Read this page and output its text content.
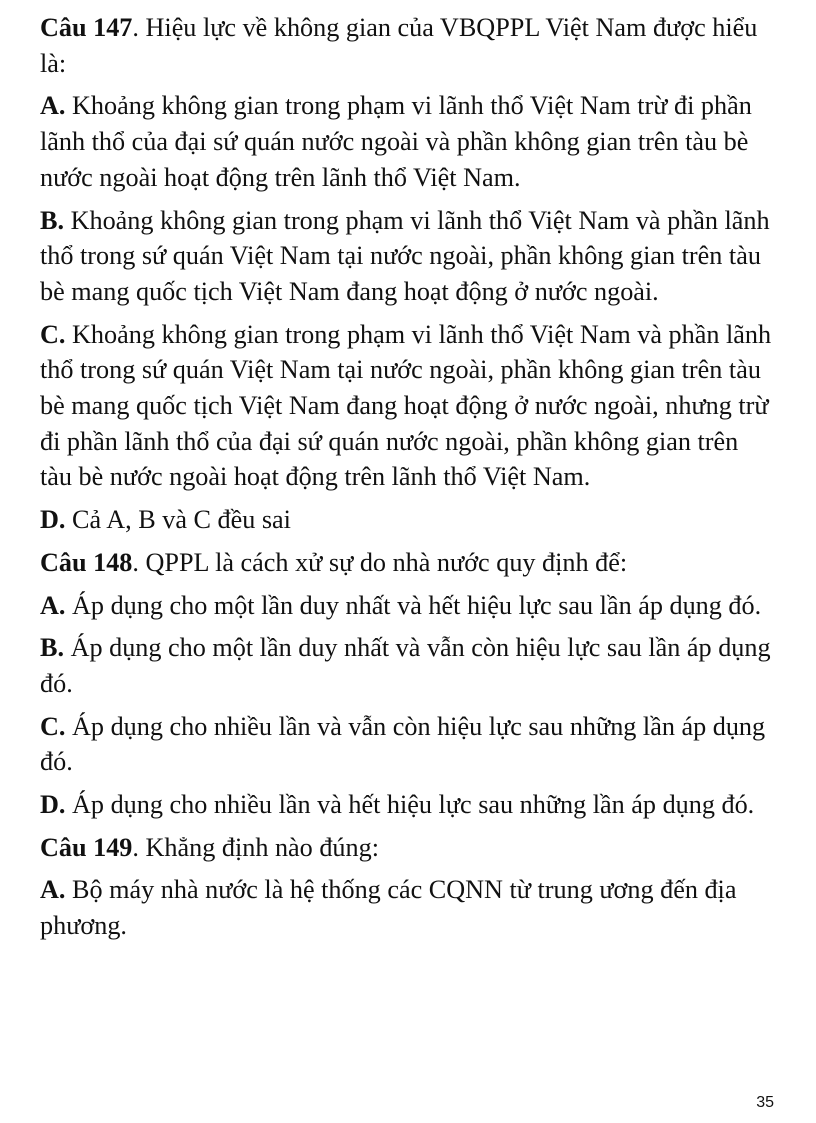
Câu 147. Hiệu lực về không gian của VBQPPL Việt Nam được hiểu là:
A. Khoảng không gian trong phạm vi lãnh thổ Việt Nam trừ đi phần lãnh thổ của đại sứ quán nước ngoài và phần không gian trên tàu bè nước ngoài hoạt động trên lãnh thổ Việt Nam.
B. Khoảng không gian trong phạm vi lãnh thổ Việt Nam và phần lãnh thổ trong sứ quán Việt Nam tại nước ngoài, phần không gian trên tàu bè mang quốc tịch Việt Nam đang hoạt động ở nước ngoài.
C. Khoảng không gian trong phạm vi lãnh thổ Việt Nam và phần lãnh thổ trong sứ quán Việt Nam tại nước ngoài, phần không gian trên tàu bè mang quốc tịch Việt Nam đang hoạt động ở nước ngoài, nhưng trừ đi phần lãnh thổ của đại sứ quán nước ngoài, phần không gian trên tàu bè nước ngoài hoạt động trên lãnh thổ Việt Nam.
D. Cả A, B và C đều sai
Câu 148. QPPL là cách xử sự do nhà nước quy định để:
A. Áp dụng cho một lần duy nhất và hết hiệu lực sau lần áp dụng đó.
B. Áp dụng cho một lần duy nhất và vẫn còn hiệu lực sau lần áp dụng đó.
C. Áp dụng cho nhiều lần và vẫn còn hiệu lực sau những lần áp dụng đó.
D. Áp dụng cho nhiều lần và hết hiệu lực sau những lần áp dụng đó.
Câu 149. Khẳng định nào đúng:
A. Bộ máy nhà nước là hệ thống các CQNN từ trung ương đến địa phương.
35
